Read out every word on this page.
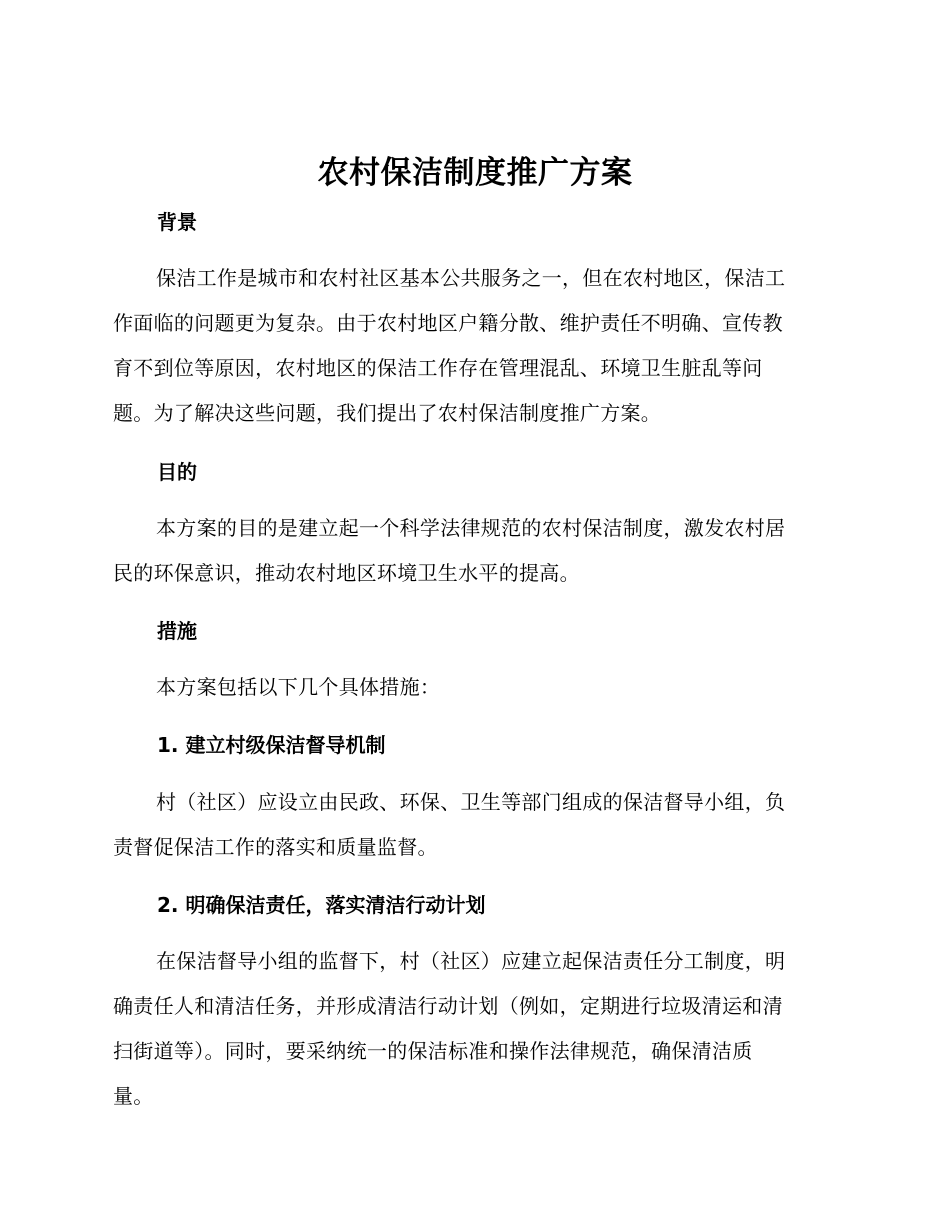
农村保洁制度推广方案
背景
保洁工作是城市和农村社区基本公共服务之一，但在农村地区，保洁工
作面临的问题更为复杂。由于农村地区户籍分散、维护责任不明确、宣传教
育不到位等原因，农村地区的保洁工作存在管理混乱、环境卫生脏乱等问
题。为了解决这些问题，我们提出了农村保洁制度推广方案。
目的
本方案的目的是建立起一个科学法律规范的农村保洁制度，激发农村居
民的环保意识，推动农村地区环境卫生水平的提高。
措施
本方案包括以下几个具体措施：
1. 建立村级保洁督导机制
村（社区）应设立由民政、环保、卫生等部门组成的保洁督导小组，负
责督促保洁工作的落实和质量监督。
2. 明确保洁责任，落实清洁行动计划
在保洁督导小组的监督下，村（社区）应建立起保洁责任分工制度，明
确责任人和清洁任务，并形成清洁行动计划（例如，定期进行垃圾清运和清
扫街道等）。同时，要采纳统一的保洁标准和操作法律规范，确保清洁质
量。
